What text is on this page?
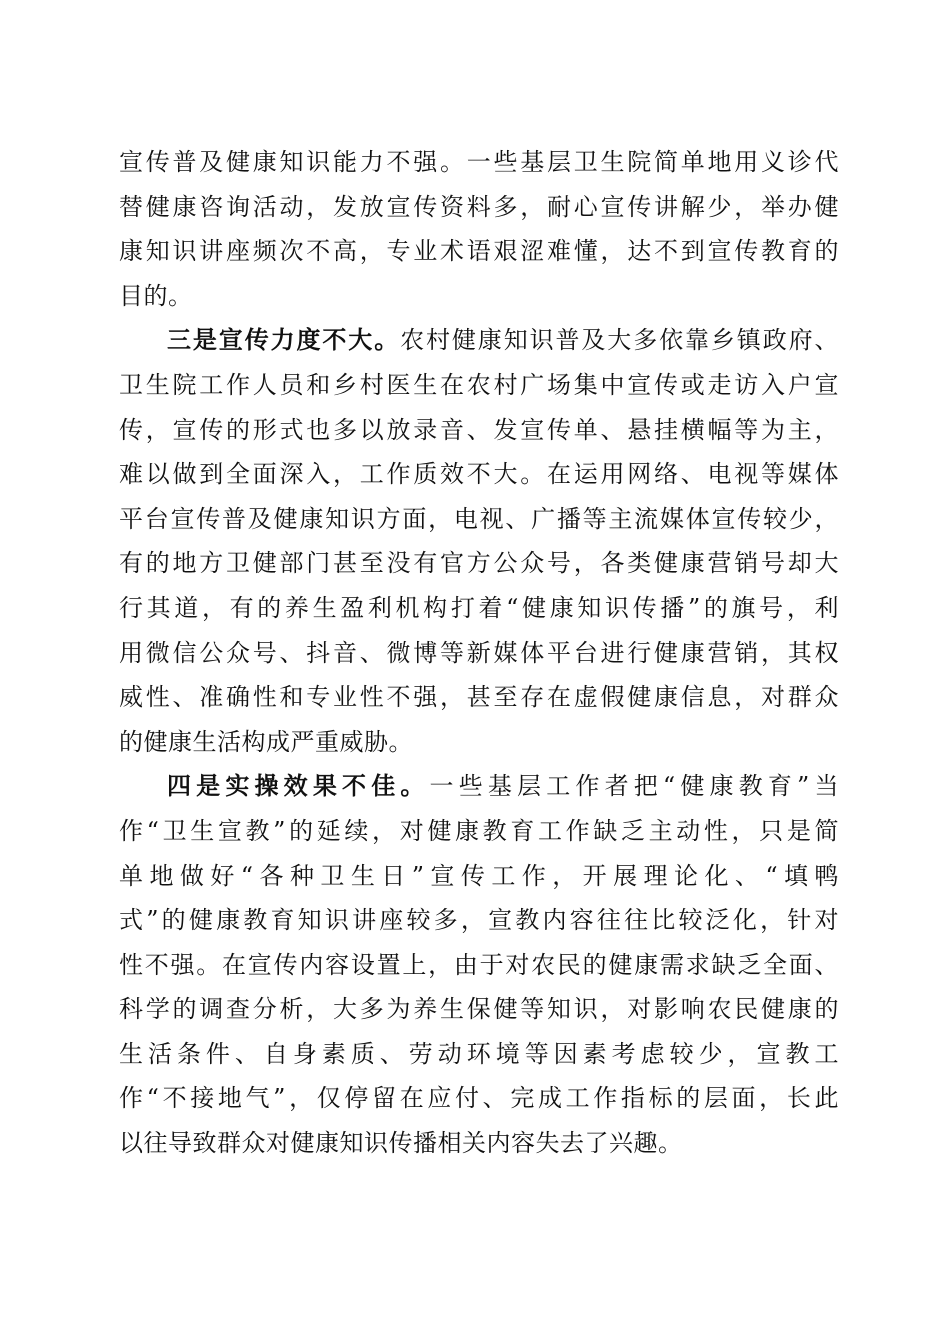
宣传普及健康知识能力不强。一些基层卫生院简单地用义诊代
替健康咨询活动，发放宣传资料多，耐心宣传讲解少，举办健
康知识讲座频次不高，专业术语艰涩难懂，达不到宣传教育的
目的。
三是宣传力度不大。农村健康知识普及大多依靠乡镇政府、
卫生院工作人员和乡村医生在农村广场集中宣传或走访入户宣
传，宣传的形式也多以放录音、发宣传单、悬挂横幅等为主，
难以做到全面深入，工作质效不大。在运用网络、电视等媒体
平台宣传普及健康知识方面，电视、广播等主流媒体宣传较少，
有的地方卫健部门甚至没有官方公众号，各类健康营销号却大
行其道，有的养生盈利机构打着“健康知识传播”的旗号，利
用微信公众号、抖音、微博等新媒体平台进行健康营销，其权
威性、准确性和专业性不强，甚至存在虚假健康信息，对群众
的健康生活构成严重威胁。
四是实操效果不佳。一些基层工作者把“健康教育”当
作“卫生宣教”的延续，对健康教育工作缺乏主动性，只是简
单地做好“各种卫生日”宣传工作，开展理论化、“填鸭
式”的健康教育知识讲座较多，宣教内容往往比较泛化，针对
性不强。在宣传内容设置上，由于对农民的健康需求缺乏全面、
科学的调查分析，大多为养生保健等知识，对影响农民健康的
生活条件、自身素质、劳动环境等因素考虑较少，宣教工
作“不接地气”，仅停留在应付、完成工作指标的层面，长此
以往导致群众对健康知识传播相关内容失去了兴趣。
